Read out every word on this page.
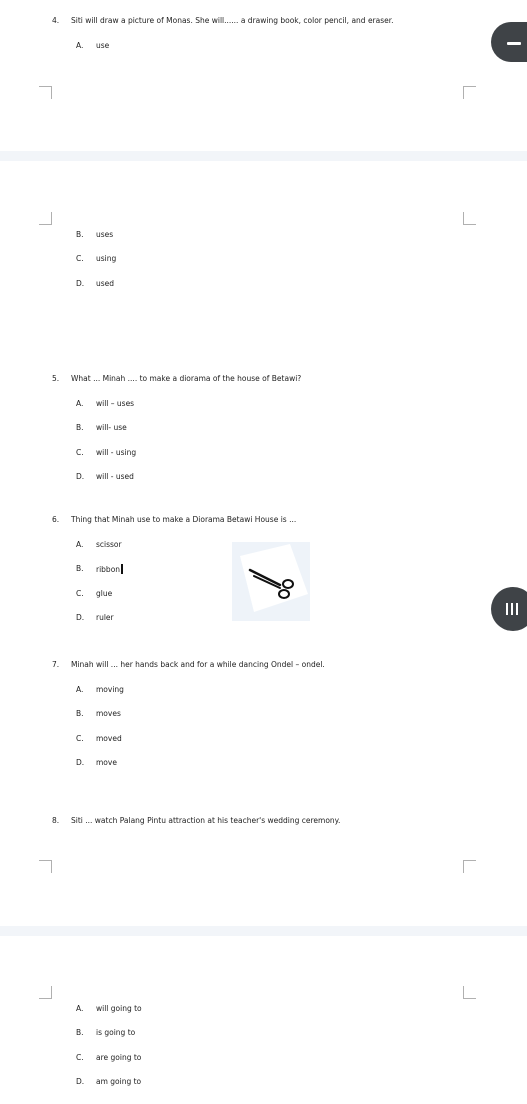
4. Siti will draw a picture of Monas. She will...... a drawing book, color pencil, and eraser.
A. use
B. uses
C. using
D. used
5. What ... Minah .... to make a diorama of the house of Betawi?
A. will – uses
B. will- use
C. will - using
D. will - used
6. Thing that Minah use to make a Diorama Betawi House is ...
A. scissor
B. ribbon
C. glue
D. ruler
7. Minah will ... her hands back and for a while dancing Ondel – ondel.
A. moving
B. moves
C. moved
D. move
8. Siti ... watch Palang Pintu attraction at his teacher's wedding ceremony.
A. will going to
B. is going to
C. are going to
D. am going to
